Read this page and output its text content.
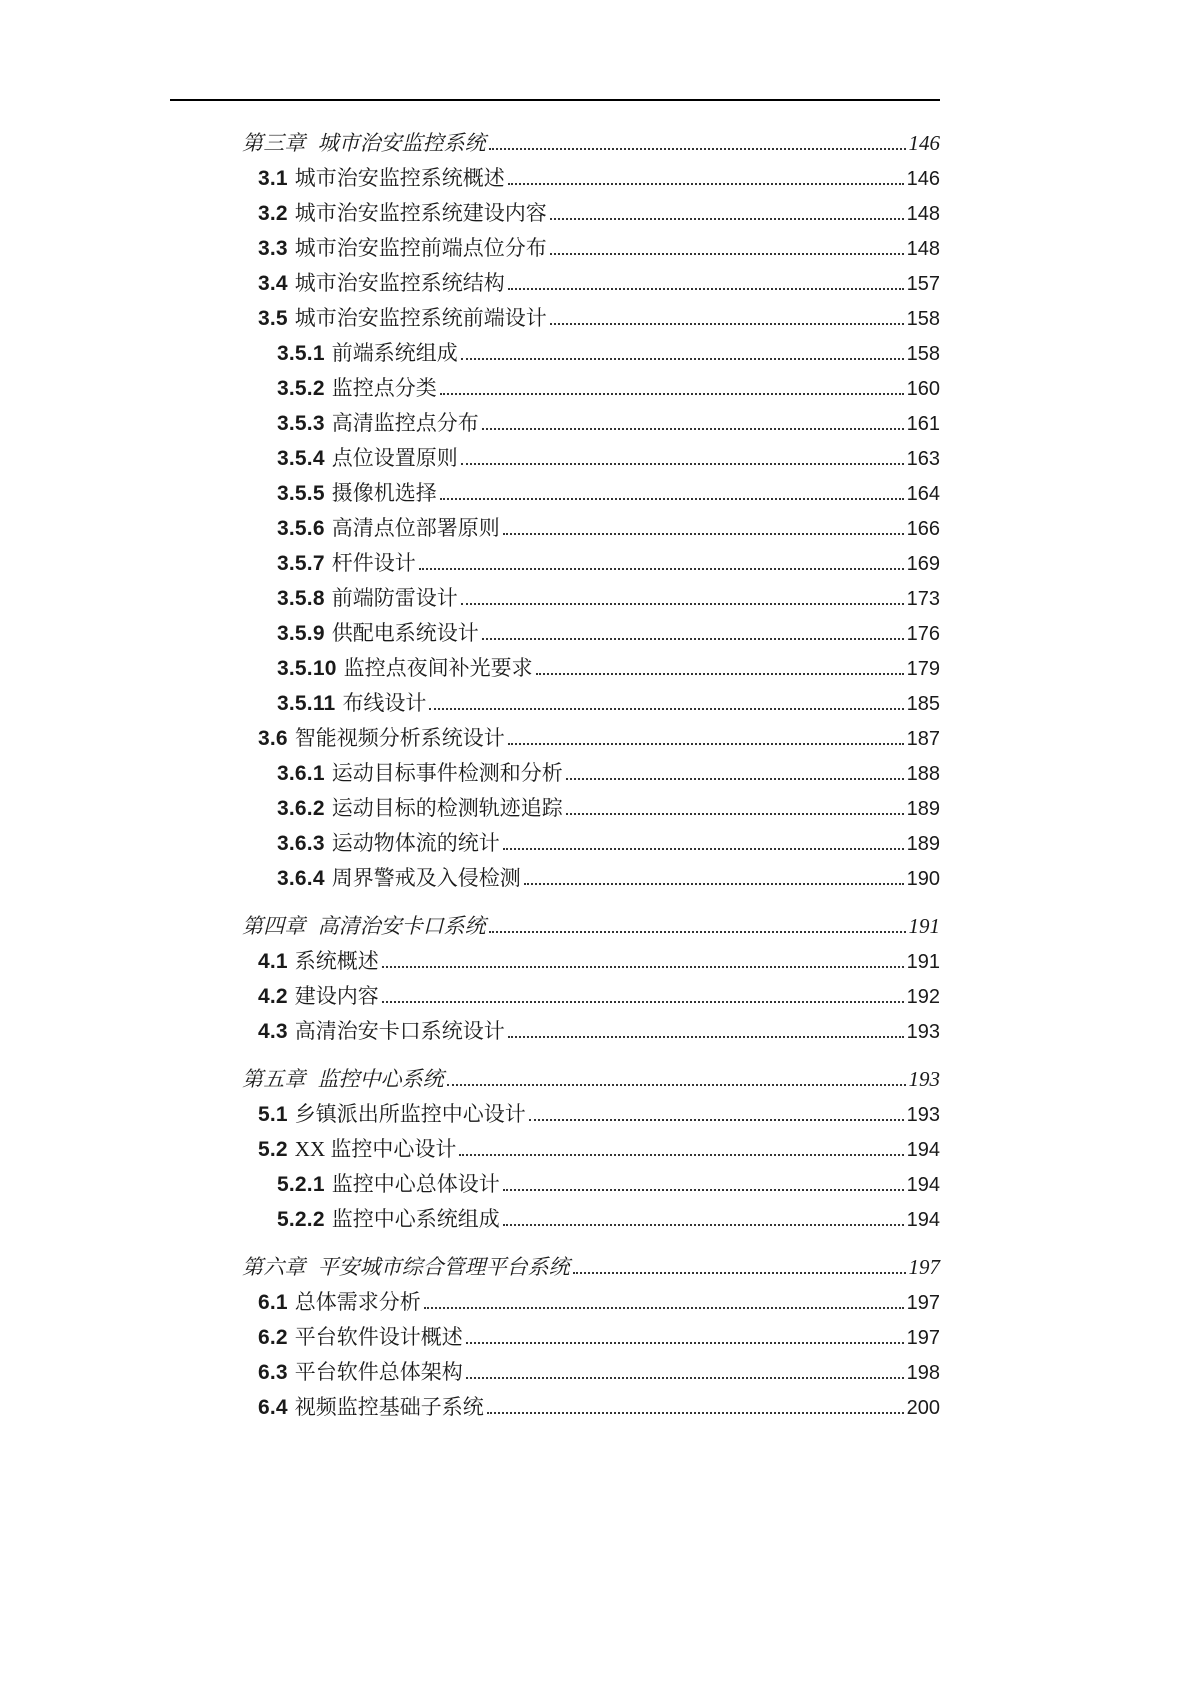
第三章 城市治安监控系统	146
3.1 城市治安监控系统概述	146
3.2 城市治安监控系统建设内容	148
3.3 城市治安监控前端点位分布	148
3.4 城市治安监控系统结构	157
3.5 城市治安监控系统前端设计	158
3.5.1 前端系统组成	158
3.5.2 监控点分类	160
3.5.3 高清监控点分布	161
3.5.4 点位设置原则	163
3.5.5 摄像机选择	164
3.5.6 高清点位部署原则	166
3.5.7 杆件设计	169
3.5.8 前端防雷设计	173
3.5.9 供配电系统设计	176
3.5.10 监控点夜间补光要求	179
3.5.11 布线设计	185
3.6 智能视频分析系统设计	187
3.6.1 运动目标事件检测和分析	188
3.6.2 运动目标的检测轨迹追踪	189
3.6.3 运动物体流的统计	189
3.6.4 周界警戒及入侵检测	190
第四章 高清治安卡口系统	191
4.1 系统概述	191
4.2 建设内容	192
4.3 高清治安卡口系统设计	193
第五章 监控中心系统	193
5.1 乡镇派出所监控中心设计	193
5.2 XX 监控中心设计	194
5.2.1 监控中心总体设计	194
5.2.2 监控中心系统组成	194
第六章 平安城市综合管理平台系统	197
6.1 总体需求分析	197
6.2 平台软件设计概述	197
6.3 平台软件总体架构	198
6.4 视频监控基础子系统	200
